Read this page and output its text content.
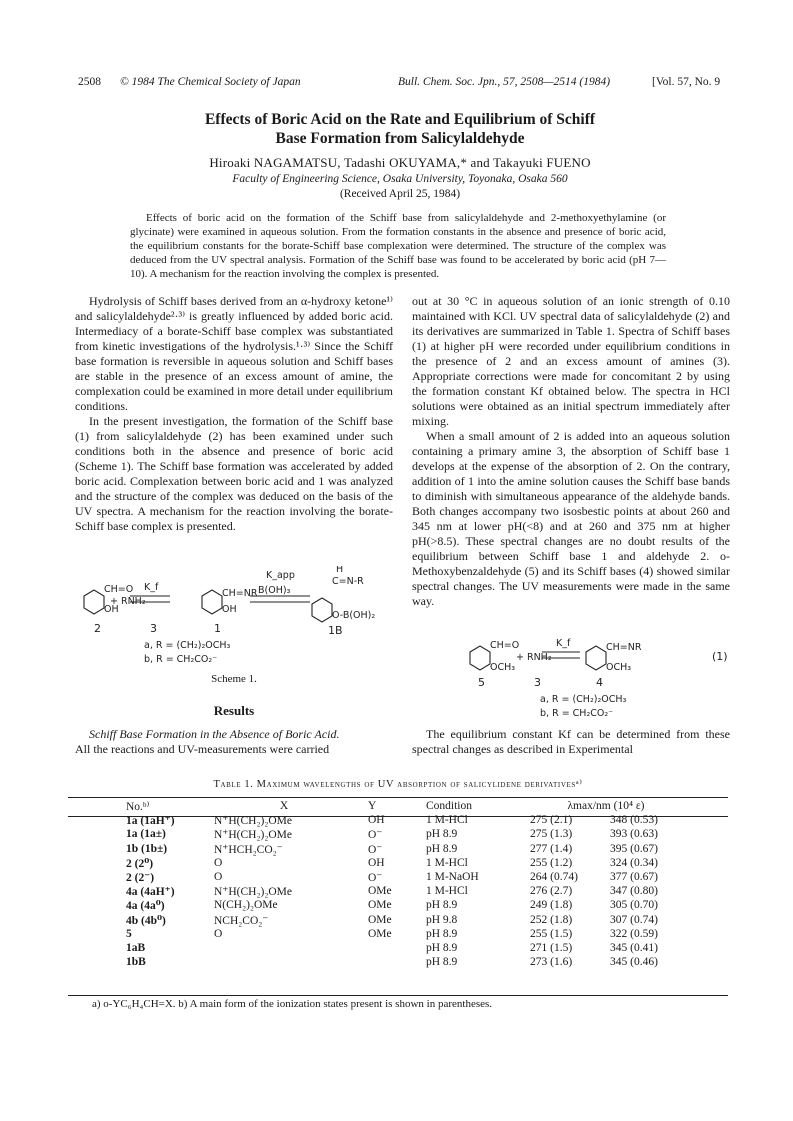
2508 © 1984 The Chemical Society of Japan	Bull. Chem. Soc. Jpn., 57, 2508—2514 (1984)	[Vol. 57, No. 9
Effects of Boric Acid on the Rate and Equilibrium of Schiff
Base Formation from Salicylaldehyde
Hiroaki NAGAMATSU, Tadashi OKUYAMA,* and Takayuki FUENO
Faculty of Engineering Science, Osaka University, Toyonaka, Osaka 560
(Received April 25, 1984)
Effects of boric acid on the formation of the Schiff base from salicylaldehyde and 2-methoxyethylamine (or glycinate) were examined in aqueous solution. From the formation constants in the absence and presence of boric acid, the equilibrium constants for the borate-Schiff base complexation were determined. The structure of the complex was deduced from the UV spectral analysis. Formation of the Schiff base was found to be accelerated by boric acid (pH 7—10). A mechanism for the reaction involving the complex is presented.

Hydrolysis of Schiff bases derived from an α-hydroxy ketone¹⁾ and salicylaldehyde²·³⁾ is greatly influenced by added boric acid. Intermediacy of a borate-Schiff base complex was substantiated from kinetic investigations of the hydrolysis.¹·³⁾ Since the Schiff base formation is reversible in aqueous solution and Schiff bases are stable in the presence of an excess amount of amine, the complexation could be examined in more detail under equilibrium conditions.

In the present investigation, the formation of the Schiff base (1) from salicylaldehyde (2) has been examined under such conditions both in the absence and presence of boric acid (Scheme 1). The Schiff base formation was accelerated by added boric acid. Complexation between boric acid and 1 was analyzed and the structure of the complex was deduced on the basis of the UV spectra. A mechanism for the reaction involving the borate-Schiff base complex is presented.

CH=O
OH
+ RNH₂
K_f
CH=NR
OH
K_app
B(OH)₃
H
C=N-R
O-B(OH)₂
2	3	1	1B
a, R = (CH₂)₂OCH₃
b, R = CH₂CO₂⁻
Scheme 1.
Results

Schiff Base Formation in the Absence of Boric Acid.

All the reactions and UV-measurements were carried
out at 30 °C in aqueous solution of an ionic strength of 0.10 maintained with KCl. UV spectral data of salicylaldehyde (2) and its derivatives are summarized in Table 1. Spectra of Schiff bases (1) at higher pH were recorded under equilibrium conditions in the presence of 2 and an excess amount of amines (3). Appropriate corrections were made for concomitant 2 by using the formation constant Kf obtained below. The spectra in HCl solutions were obtained as an initial spectrum immediately after mixing.

When a small amount of 2 is added into an aqueous solution containing a primary amine 3, the absorption of Schiff base 1 develops at the expense of the absorption of 2. On the contrary, addition of 1 into the amine solution causes the Schiff base bands to diminish with simultaneous appearance of the aldehyde bands. Both changes accompany two isosbestic points at about 260 and 345 nm at lower pH(<8) and at 260 and 375 nm at higher pH(>8.5). These spectral changes are no doubt results of the equilibrium between Schiff base 1 and aldehyde 2. o-Methoxybenzaldehyde (5) and its Schiff bases (4) showed similar spectral changes. The UV measurements were made in the same way.

CH=O
OCH₃
+ RNH₂
K_f	CH=NR
OCH₃
(1)
5	3	4
a, R = (CH₂)₂OCH₃
b, R = CH₂CO₂⁻

The equilibrium constant Kf can be determined from these spectral changes as described in Experimental

Table 1. Maximum wavelengths of UV absorption of salicylidene derivativesᵃ⁾
No.ᵇ⁾	X	Y	Condition	λmax/nm (10⁴ ε)	
1a (1aH⁺)	N⁺H(CH₂)₂OMe	OH	1 M-HCl	275 (2.1)	348 (0.53)
1a (1a±)	N⁺H(CH₂)₂OMe	O⁻	pH 8.9	275 (1.3)	393 (0.63)
1b (1b±)	N⁺HCH₂CO₂⁻	O⁻	pH 8.9	277 (1.4)	395 (0.67)
2 (2⁰)	O	OH	1 M-HCl	255 (1.2)	324 (0.34)
2 (2⁻)	O	O⁻	1 M-NaOH	264 (0.74)	377 (0.67)
4a (4aH⁺)	N⁺H(CH₂)₂OMe	OMe	1 M-HCl	276 (2.7)	347 (0.80)
4a (4a⁰)	N(CH₂)₂OMe	OMe	pH 8.9	249 (1.8)	305 (0.70)
4b (4b⁰)	NCH₂CO₂⁻	OMe	pH 9.8	252 (1.8)	307 (0.74)
5	O	OMe	pH 8.9	255 (1.5)	322 (0.59)
1aB			pH 8.9	271 (1.5)	345 (0.41)
1bB			pH 8.9	273 (1.6)	345 (0.46)
a) o-YC₆H₄CH=X. b) A main form of the ionization states present is shown in parentheses.
